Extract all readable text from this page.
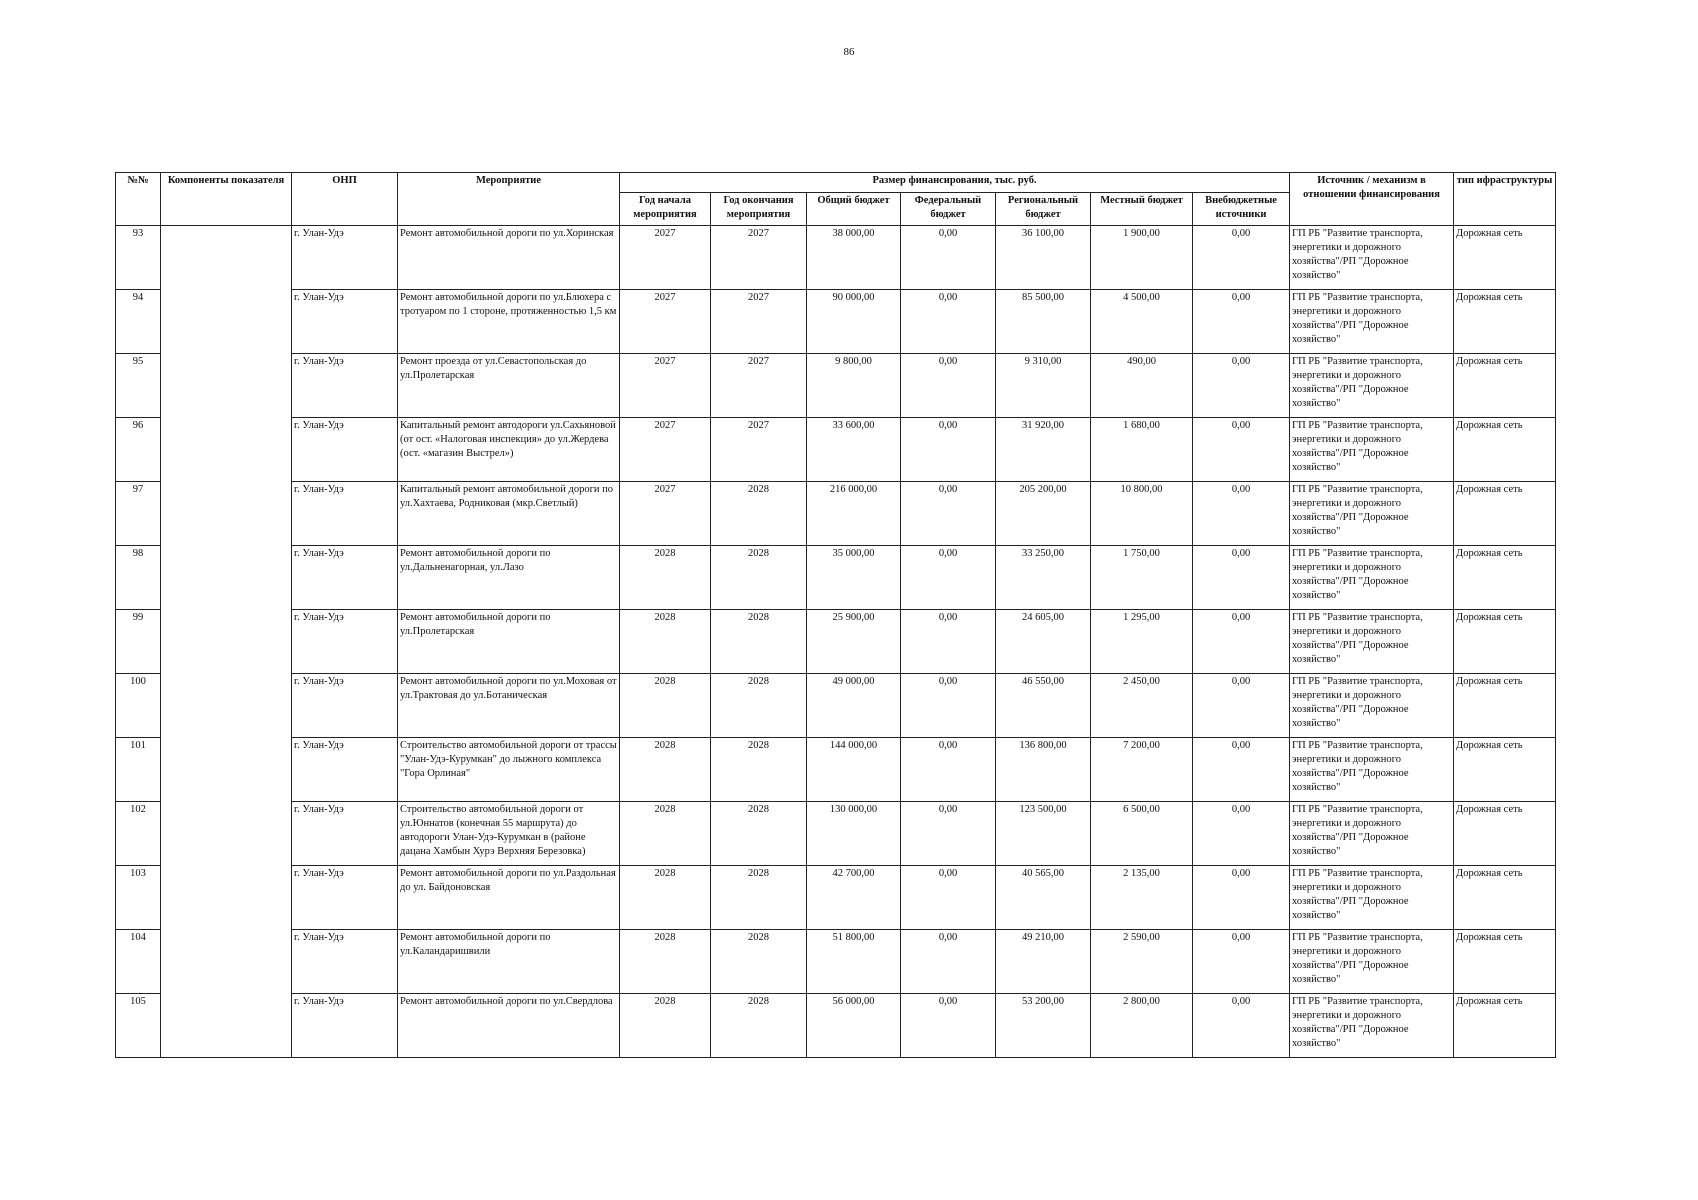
86
№№	Компоненты показателя	ОНП	Мероприятие	Размер финансирования, тыс. руб.							Источник / механизм в отношении финансирования	тип ифраструктуры
				Год начала мероприятия	Год окончания мероприятия	Общий бюджет	Федеральный бюджет	Региональный бюджет	Местный бюджет	Внебюджетные источники		
93		г. Улан-Удэ	Ремонт автомобильной дороги по ул.Хоринская	2027	2027	38 000,00	0,00	36 100,00	1 900,00	0,00	ГП РБ "Развитие транспорта, энергетики и дорожного хозяйства"/РП "Дорожное хозяйство"	Дорожная сеть
94		г. Улан-Удэ	Ремонт автомобильной дороги по ул.Блюхера с тротуаром по 1 стороне, протяженностью 1,5 км	2027	2027	90 000,00	0,00	85 500,00	4 500,00	0,00	ГП РБ "Развитие транспорта, энергетики и дорожного хозяйства"/РП "Дорожное хозяйство"	Дорожная сеть
95		г. Улан-Удэ	Ремонт проезда от ул.Севастопольская до ул.Пролетарская	2027	2027	9 800,00	0,00	9 310,00	490,00	0,00	ГП РБ "Развитие транспорта, энергетики и дорожного хозяйства"/РП "Дорожное хозяйство"	Дорожная сеть
96		г. Улан-Удэ	Капитальный ремонт автодороги ул.Сахьяновой (от ост. «Налоговая инспекция» до ул.Жердева (ост. «магазин Выстрел»)	2027	2027	33 600,00	0,00	31 920,00	1 680,00	0,00	ГП РБ "Развитие транспорта, энергетики и дорожного хозяйства"/РП "Дорожное хозяйство"	Дорожная сеть
97		г. Улан-Удэ	Капитальный ремонт автомобильной дороги по ул.Хахтаева, Родниковая (мкр.Светлый)	2027	2028	216 000,00	0,00	205 200,00	10 800,00	0,00	ГП РБ "Развитие транспорта, энергетики и дорожного хозяйства"/РП "Дорожное хозяйство"	Дорожная сеть
98		г. Улан-Удэ	Ремонт автомобильной дороги по ул.Дальненагорная, ул.Лазо	2028	2028	35 000,00	0,00	33 250,00	1 750,00	0,00	ГП РБ "Развитие транспорта, энергетики и дорожного хозяйства"/РП "Дорожное хозяйство"	Дорожная сеть
99		г. Улан-Удэ	Ремонт автомобильной дороги по ул.Пролетарская	2028	2028	25 900,00	0,00	24 605,00	1 295,00	0,00	ГП РБ "Развитие транспорта, энергетики и дорожного хозяйства"/РП "Дорожное хозяйство"	Дорожная сеть
100		г. Улан-Удэ	Ремонт автомобильной дороги по ул.Моховая от ул.Трактовая до ул.Ботаническая	2028	2028	49 000,00	0,00	46 550,00	2 450,00	0,00	ГП РБ "Развитие транспорта, энергетики и дорожного хозяйства"/РП "Дорожное хозяйство"	Дорожная сеть
101		г. Улан-Удэ	Строительство автомобильной дороги от трассы "Улан-Удэ-Курумкан" до лыжного комплекса "Гора Орлиная"	2028	2028	144 000,00	0,00	136 800,00	7 200,00	0,00	ГП РБ "Развитие транспорта, энергетики и дорожного хозяйства"/РП "Дорожное хозяйство"	Дорожная сеть
102		г. Улан-Удэ	Строительство автомобильной дороги от ул.Юннатов (конечная 55 маршрута) до автодороги Улан-Удэ-Курумкан в (районе дацана Хамбын Хурэ Верхняя Березовка)	2028	2028	130 000,00	0,00	123 500,00	6 500,00	0,00	ГП РБ "Развитие транспорта, энергетики и дорожного хозяйства"/РП "Дорожное хозяйство"	Дорожная сеть
103		г. Улан-Удэ	Ремонт автомобильной дороги по ул.Раздольная до ул. Байдоновская	2028	2028	42 700,00	0,00	40 565,00	2 135,00	0,00	ГП РБ "Развитие транспорта, энергетики и дорожного хозяйства"/РП "Дорожное хозяйство"	Дорожная сеть
104		г. Улан-Удэ	Ремонт автомобильной дороги по ул.Каландаришвили	2028	2028	51 800,00	0,00	49 210,00	2 590,00	0,00	ГП РБ "Развитие транспорта, энергетики и дорожного хозяйства"/РП "Дорожное хозяйство"	Дорожная сеть
105		г. Улан-Удэ	Ремонт автомобильной дороги по ул.Свердлова	2028	2028	56 000,00	0,00	53 200,00	2 800,00	0,00	ГП РБ "Развитие транспорта, энергетики и дорожного хозяйства"/РП "Дорожное хозяйство"	Дорожная сеть
